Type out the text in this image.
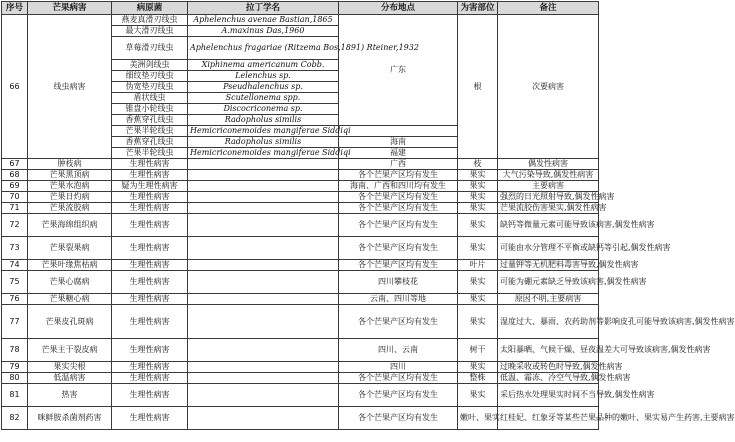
序号	芒果病害	病原菌	拉丁学名	分布地点	为害部位	备注
66	线虫病害	燕麦真滑刃线虫	Aphelenchus avenae Bastian,1865	广东	根	次要病害
		最大滑刃线虫	A.maxinus Das,1960			
		草莓滑刃线虫	Aphelenchus fragariae (Ritzema Bos,1891) Rteiner,1932			

		美洲剑线虫	Xiphinema americanum Cobb.			
		细纹垫刃线虫	Lelenchus sp.			
		伪宽垫刃线虫	Pseudhalenchus sp.			
		盾状线虫	Scutellonema spp.			
		锥盘小轮线虫	Discocriconema sp.			
		香蕉穿孔线虫	Radopholus similis			
		芒果半轮线虫	Hemicriconemoides mangiferae Siddiqi			
		香蕉穿孔线虫	Radopholus similis	海南		
		芒果半轮线虫	Hemicriconemoides mangiferae Siddiqi	福建		
67	肿枝病	生理性病害		广西	枝	偶发性病害
68	芒果黑顶病	生理性病害		各个芒果产区均有发生	果实	大气污染导致,偶发性病害
69	芒果水泡病	疑为生理性病害		海南、广西和四川均有发生	果实	主要病害
70	芒果日灼病	生理性病害		各个芒果产区均有发生	果实	强烈的日光照射导致,偶发性病害
71	芒果流胶病	生理性病害		各个芒果产区均有发生	果实	芒果流胶伤害果实,偶发性病害
72	芒果海绵组织病	生理性病害		各个芒果产区均有发生	果实	缺钙等微量元素可能导致该病害,偶发性病害
73	芒果裂果病	生理性病害		各个芒果产区均有发生	果实	可能由水分管理不平衡或缺钙等引起,偶发性病害
74	芒果叶缘焦枯病	生理性病害		各个芒果产区均有发生	叶片	过量钾等无机肥料毒害导致,偶发性病害
75	芒果心腐病	生理性病害		四川攀枝花	果实	可能为硼元素缺乏导致该病害,偶发性病害
76	芒果糖心病	生理性病害		云南、四川等地	果实	原因不明,主要病害
77	芒果皮孔斑病	生理性病害		各个芒果产区均有发生	果实	湿度过大、暴雨、农药助剂等影响皮孔可能导致该病害,偶发性病害
78	芒果主干裂皮病	生理性病害		四川、云南	树干	太阳暴晒、气候干燥、昼夜温差大可导致该病害,偶发性病害
79	果实尖根	生理性病害		四川	果实	过晚采收或转色时导致,偶发性病害
80	低温病害	生理性病害		各个芒果产区均有发生	整株	低温、霜冻、冷空气导致,偶发性病害
81	热害	生理性病害		各个芒果产区均有发生	果实	采后热水处理果实时间不当导致,偶发性病害
82	咪鲜胺杀菌剂药害	生理性病害		各个芒果产区均有发生	嫩叶、果实	红桂妃、红象牙等某些芒果品种的嫩叶、果实易产生药害,主要病害
